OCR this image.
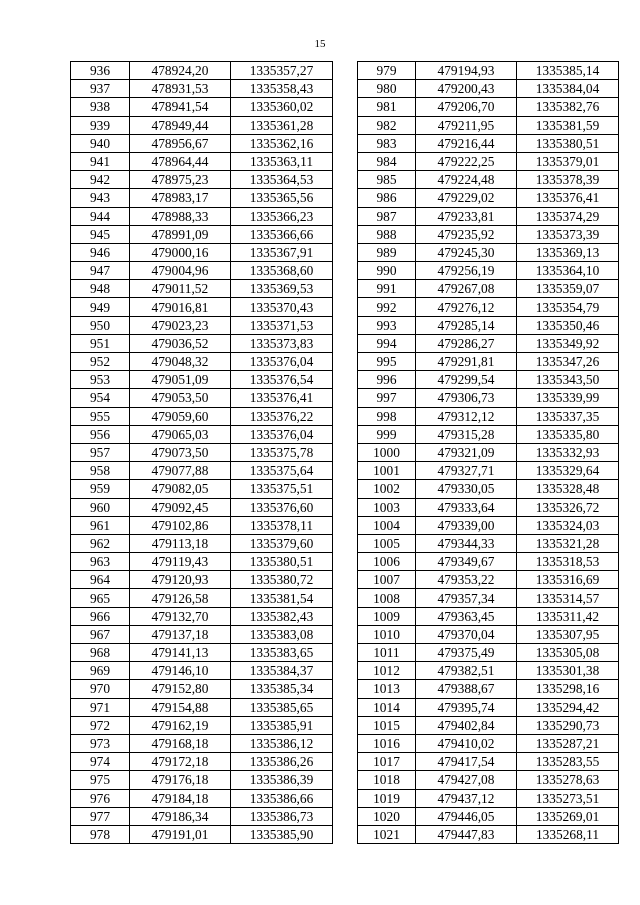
15
936	478924,20	1335357,27
937	478931,53	1335358,43
938	478941,54	1335360,02
939	478949,44	1335361,28
940	478956,67	1335362,16
941	478964,44	1335363,11
942	478975,23	1335364,53
943	478983,17	1335365,56
944	478988,33	1335366,23
945	478991,09	1335366,66
946	479000,16	1335367,91
947	479004,96	1335368,60
948	479011,52	1335369,53
949	479016,81	1335370,43
950	479023,23	1335371,53
951	479036,52	1335373,83
952	479048,32	1335376,04
953	479051,09	1335376,54
954	479053,50	1335376,41
955	479059,60	1335376,22
956	479065,03	1335376,04
957	479073,50	1335375,78
958	479077,88	1335375,64
959	479082,05	1335375,51
960	479092,45	1335376,60
961	479102,86	1335378,11
962	479113,18	1335379,60
963	479119,43	1335380,51
964	479120,93	1335380,72
965	479126,58	1335381,54
966	479132,70	1335382,43
967	479137,18	1335383,08
968	479141,13	1335383,65
969	479146,10	1335384,37
970	479152,80	1335385,34
971	479154,88	1335385,65
972	479162,19	1335385,91
973	479168,18	1335386,12
974	479172,18	1335386,26
975	479176,18	1335386,39
976	479184,18	1335386,66
977	479186,34	1335386,73
978	479191,01	1335385,90
979	479194,93	1335385,14
980	479200,43	1335384,04
981	479206,70	1335382,76
982	479211,95	1335381,59
983	479216,44	1335380,51
984	479222,25	1335379,01
985	479224,48	1335378,39
986	479229,02	1335376,41
987	479233,81	1335374,29
988	479235,92	1335373,39
989	479245,30	1335369,13
990	479256,19	1335364,10
991	479267,08	1335359,07
992	479276,12	1335354,79
993	479285,14	1335350,46
994	479286,27	1335349,92
995	479291,81	1335347,26
996	479299,54	1335343,50
997	479306,73	1335339,99
998	479312,12	1335337,35
999	479315,28	1335335,80
1000	479321,09	1335332,93
1001	479327,71	1335329,64
1002	479330,05	1335328,48
1003	479333,64	1335326,72
1004	479339,00	1335324,03
1005	479344,33	1335321,28
1006	479349,67	1335318,53
1007	479353,22	1335316,69
1008	479357,34	1335314,57
1009	479363,45	1335311,42
1010	479370,04	1335307,95
1011	479375,49	1335305,08
1012	479382,51	1335301,38
1013	479388,67	1335298,16
1014	479395,74	1335294,42
1015	479402,84	1335290,73
1016	479410,02	1335287,21
1017	479417,54	1335283,55
1018	479427,08	1335278,63
1019	479437,12	1335273,51
1020	479446,05	1335269,01
1021	479447,83	1335268,11
